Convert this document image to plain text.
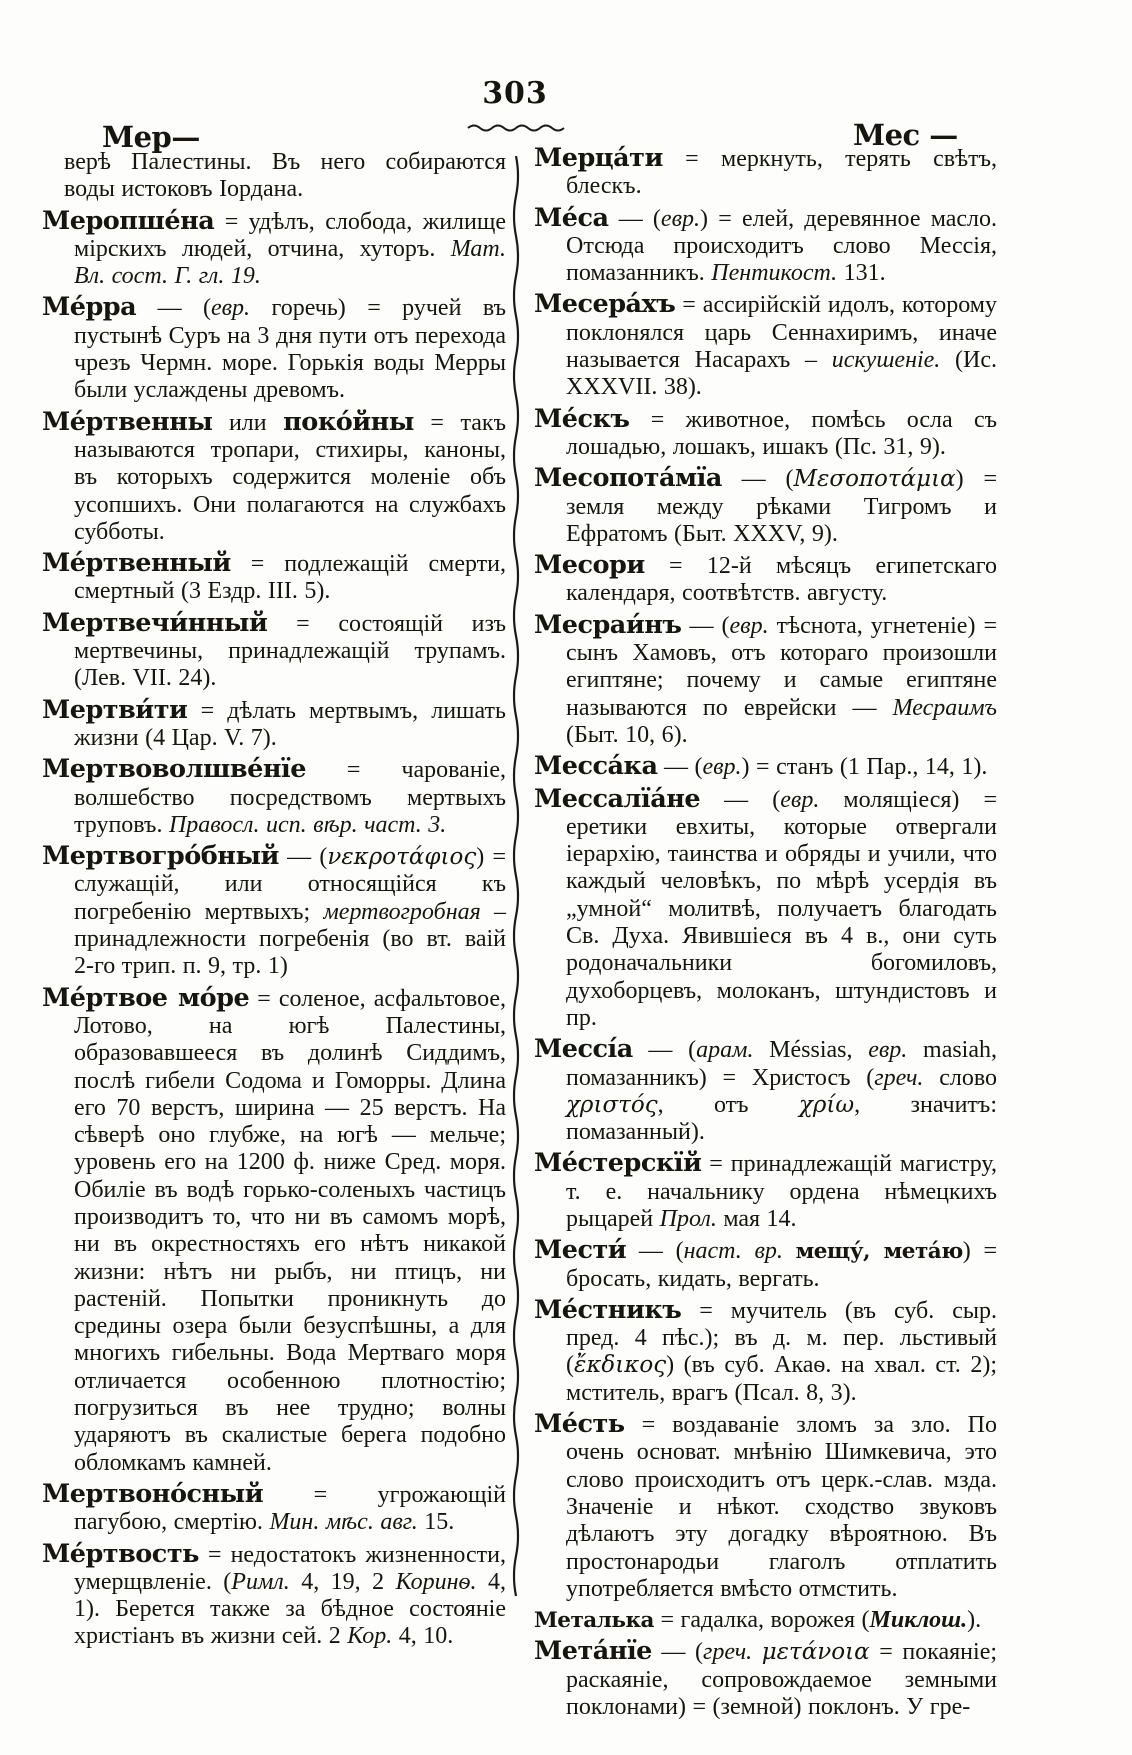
303
Мер—	Мес —

верѣ Палестины. Въ него собираются воды истоковъ Іордана.

Меропше́на = удѣлъ, слобода, жилище мірскихъ людей, отчина, хуторъ. Мат. Вл. сост. Г. гл. 19.

Ме́рра — (евр. горечь) = ручей въ пустынѣ Суръ на 3 дня пути отъ перехода чрезъ Чермн. море. Горькія воды Мерры были услаждены древомъ.

Ме́ртвенны или поко́йны = такъ называются тропари, стихиры, каноны, въ которыхъ содержится моленіе объ усопшихъ. Они полагаются на службахъ субботы.

Ме́ртвенный = подлежащій смерти, смертный (3 Ездр. III. 5).

Мертвечи́нный = состоящій изъ мертвечины, принадлежащій трупамъ. (Лев. VII. 24).

Мертви́ти = дѣлать мертвымъ, лишать жизни (4 Цар. V. 7).

Мертвоволшве́нїе = чарованіе, волшебство посредствомъ мертвыхъ труповъ. Правосл. исп. вѣр. част. 3.

Мертвогро́бный — (νεκροτάφιος) = служащій, или относящійся къ погребенію мертвыхъ; мертвогробная – принадлежности погребенія (во вт. ваій 2-го трип. п. 9, тр. 1)

Ме́ртвое мо́ре = соленое, асфальтовое, Лотово, на югѣ Палестины, образовавшееся въ долинѣ Сиддимъ, послѣ гибели Содома и Гоморры. Длина его 70 верстъ, ширина — 25 верстъ. На сѣверѣ оно глубже, на югѣ — мельче; уровень его на 1200 ф. ниже Сред. моря. Обиліе въ водѣ горько-соленыхъ частицъ производитъ то, что ни въ самомъ морѣ, ни въ окрестностяхъ его нѣтъ никакой жизни: нѣтъ ни рыбъ, ни птицъ, ни растеній. Попытки проникнуть до средины озера были безуспѣшны, а для многихъ гибельны. Вода Мертваго моря отличается особенною плотностію; погрузиться въ нее трудно; волны ударяютъ въ скалистые берега подобно обломкамъ камней.

Мертвоно́сный = угрожающій пагубою, смертію. Мин. мѣс. авг. 15.

Ме́ртвость = недостатокъ жизненности, умерщвленіе. (Римл. 4, 19, 2 Коринѳ. 4, 1). Берется также за бѣдное состояніе христіанъ въ жизни сей. 2 Кор. 4, 10.

Мерца́ти = меркнуть, терять свѣтъ, блескъ.

Ме́са — (евр.) = елей, деревянное масло. Отсюда происходитъ слово Мессія, помазанникъ. Пентикост. 131.

Месера́хъ = ассирійскій идолъ, которому поклонялся царь Сеннахиримъ, иначе называется Насарахъ – искушеніе. (Ис. XXXVII. 38).

Ме́скъ = животное, помѣсь осла съ лошадью, лошакъ, ишакъ (Пс. 31, 9).

Месопота́мїа — (Μεσοποτάμια) = земля между рѣками Тигромъ и Ефратомъ (Быт. XXXV, 9).

Месори = 12-й мѣсяцъ египетскаго календаря, соотвѣтств. августу.

Месраи́нъ — (евр. тѣснота, угнетеніе) = сынъ Хамовъ, отъ котораго произошли египтяне; почему и самые египтяне называются по еврейски — Месраимъ (Быт. 10, 6).

Месса́ка — (евр.) = станъ (1 Пар., 14, 1).

Мессалїа́не — (евр. молящіеся) = еретики евхиты, которые отвергали іерархію, таинства и обряды и учили, что каждый человѣкъ, по мѣрѣ усердія въ „умной“ молитвѣ, получаетъ благодать Св. Духа. Явившіеся въ 4 в., они суть родоначальники богомиловъ, духоборцевъ, молоканъ, штундистовъ и пр.

Мессі́а — (арам. Méssias, евр. masiah, помазанникъ) = Христосъ (греч. слово χριστός, отъ χρίω, значитъ: помазанный).

Ме́стерскїй = принадлежащій магистру, т. е. начальнику ордена нѣмецкихъ рыцарей Прол. мая 14.

Мести́ — (наст. вр. мещу́, мета́ю) = бросать, кидать, вергать.

Ме́стникъ = мучитель (въ суб. сыр. пред. 4 пѣс.); въ д. м. пер. льстивый (ἔκδικος) (въ суб. Акаѳ. на хвал. ст. 2); мститель, врагъ (Псал. 8, 3).

Ме́сть = воздаваніе зломъ за зло. По очень основат. мнѣнію Шимкевича, это слово происходитъ отъ церк.-слав. мзда. Значеніе и нѣкот. сходство звуковъ дѣлаютъ эту догадку вѣроятною. Въ простонародьи глаголъ отплатить употребляется вмѣсто отмстить.

Металька = гадалка, ворожея (Миклош.).

Мета́нїе — (греч. μετάνοια = покаяніе; раскаяніе, сопровождаемое земными поклонами) = (земной) поклонъ. У гре-
